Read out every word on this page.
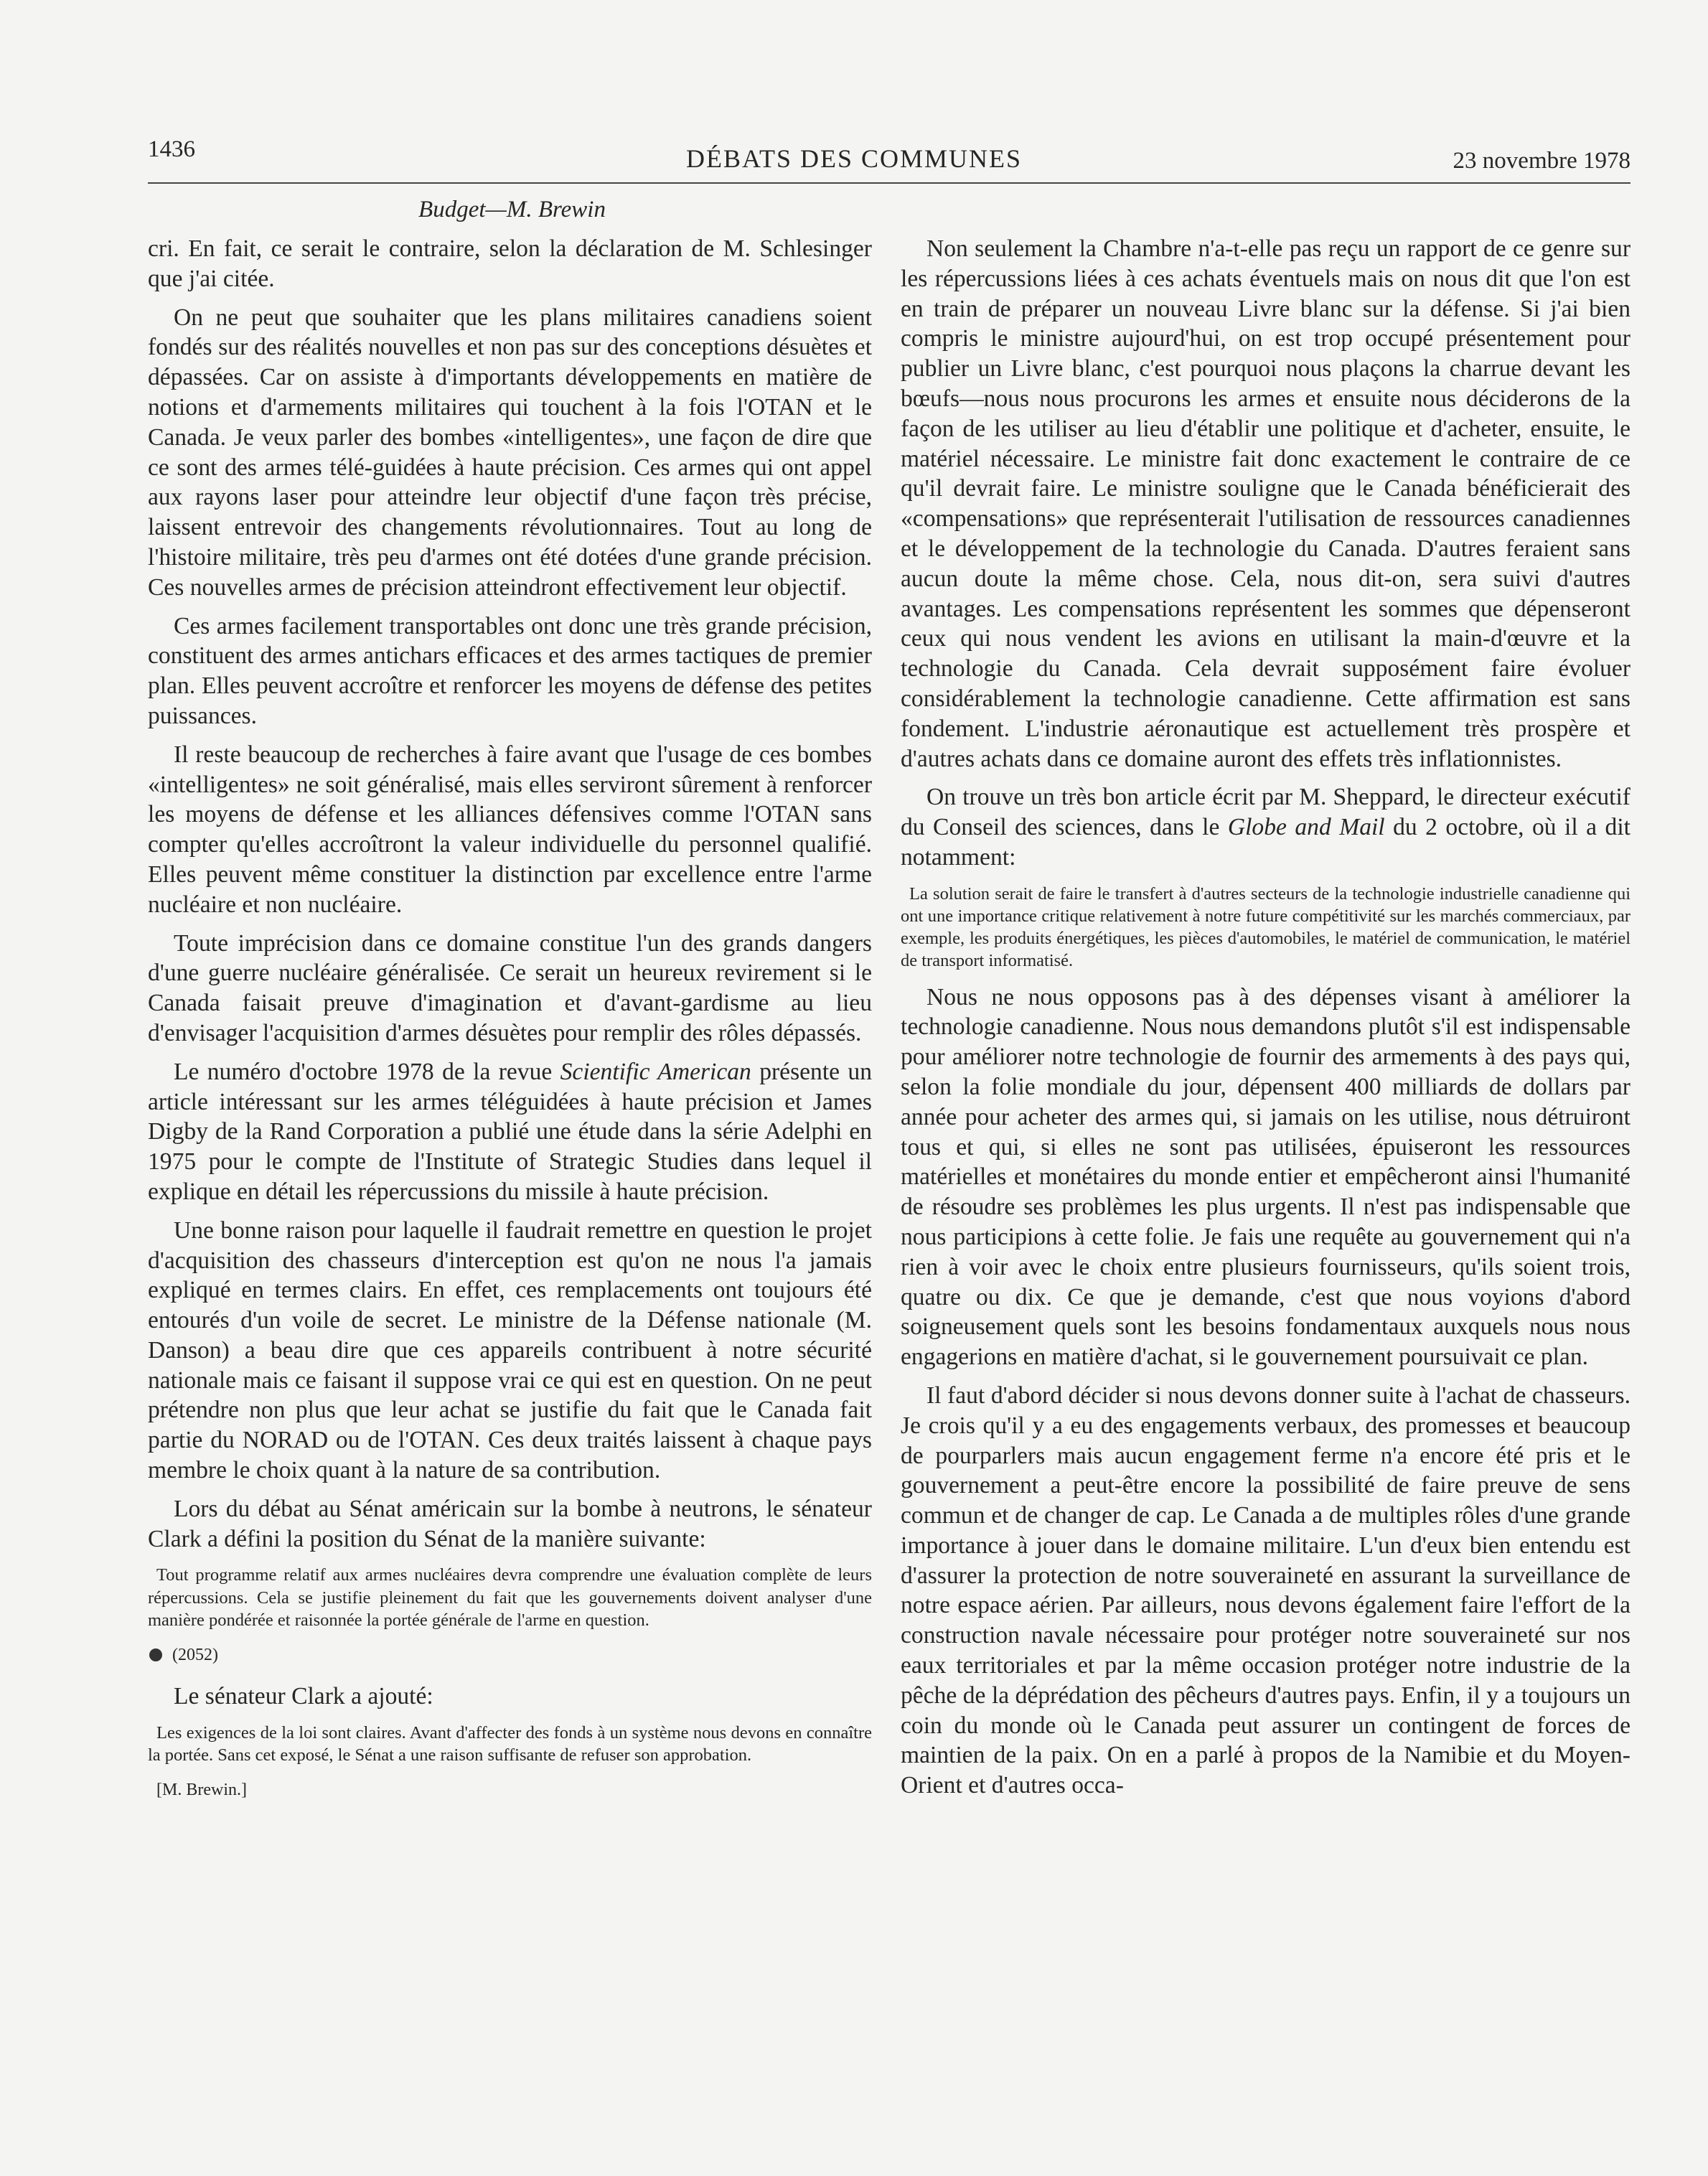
1436	DÉBATS DES COMMUNES	23 novembre 1978
Budget—M. Brewin

cri. En fait, ce serait le contraire, selon la déclaration de M. Schlesinger que j'ai citée.

On ne peut que souhaiter que les plans militaires canadiens soient fondés sur des réalités nouvelles et non pas sur des conceptions désuètes et dépassées. Car on assiste à d'importants développements en matière de notions et d'armements militaires qui touchent à la fois l'OTAN et le Canada. Je veux parler des bombes «intelligentes», une façon de dire que ce sont des armes télé-guidées à haute précision. Ces armes qui ont appel aux rayons laser pour atteindre leur objectif d'une façon très précise, laissent entrevoir des changements révolutionnaires. Tout au long de l'histoire militaire, très peu d'armes ont été dotées d'une grande précision. Ces nouvelles armes de précision atteindront effectivement leur objectif.

Ces armes facilement transportables ont donc une très grande précision, constituent des armes antichars efficaces et des armes tactiques de premier plan. Elles peuvent accroître et renforcer les moyens de défense des petites puissances.

Il reste beaucoup de recherches à faire avant que l'usage de ces bombes «intelligentes» ne soit généralisé, mais elles serviront sûrement à renforcer les moyens de défense et les alliances défensives comme l'OTAN sans compter qu'elles accroîtront la valeur individuelle du personnel qualifié. Elles peuvent même constituer la distinction par excellence entre l'arme nucléaire et non nucléaire.

Toute imprécision dans ce domaine constitue l'un des grands dangers d'une guerre nucléaire généralisée. Ce serait un heureux revirement si le Canada faisait preuve d'imagination et d'avant-gardisme au lieu d'envisager l'acquisition d'armes désuètes pour remplir des rôles dépassés.

Le numéro d'octobre 1978 de la revue Scientific American présente un article intéressant sur les armes téléguidées à haute précision et James Digby de la Rand Corporation a publié une étude dans la série Adelphi en 1975 pour le compte de l'Institute of Strategic Studies dans lequel il explique en détail les répercussions du missile à haute précision.

Une bonne raison pour laquelle il faudrait remettre en question le projet d'acquisition des chasseurs d'interception est qu'on ne nous l'a jamais expliqué en termes clairs. En effet, ces remplacements ont toujours été entourés d'un voile de secret. Le ministre de la Défense nationale (M. Danson) a beau dire que ces appareils contribuent à notre sécurité nationale mais ce faisant il suppose vrai ce qui est en question. On ne peut prétendre non plus que leur achat se justifie du fait que le Canada fait partie du NORAD ou de l'OTAN. Ces deux traités laissent à chaque pays membre le choix quant à la nature de sa contribution.

Lors du débat au Sénat américain sur la bombe à neutrons, le sénateur Clark a défini la position du Sénat de la manière suivante:

Tout programme relatif aux armes nucléaires devra comprendre une évaluation complète de leurs répercussions. Cela se justifie pleinement du fait que les gouvernements doivent analyser d'une manière pondérée et raisonnée la portée générale de l'arme en question.

(2052)

Le sénateur Clark a ajouté:

Les exigences de la loi sont claires. Avant d'affecter des fonds à un système nous devons en connaître la portée. Sans cet exposé, le Sénat a une raison suffisante de refuser son approbation.

[M. Brewin.]

Non seulement la Chambre n'a-t-elle pas reçu un rapport de ce genre sur les répercussions liées à ces achats éventuels mais on nous dit que l'on est en train de préparer un nouveau Livre blanc sur la défense. Si j'ai bien compris le ministre aujourd'hui, on est trop occupé présentement pour publier un Livre blanc, c'est pourquoi nous plaçons la charrue devant les bœufs—nous nous procurons les armes et ensuite nous déciderons de la façon de les utiliser au lieu d'établir une politique et d'acheter, ensuite, le matériel nécessaire. Le ministre fait donc exactement le contraire de ce qu'il devrait faire. Le ministre souligne que le Canada bénéficierait des «compensations» que représenterait l'utilisation de ressources canadiennes et le développement de la technologie du Canada. D'autres feraient sans aucun doute la même chose. Cela, nous dit-on, sera suivi d'autres avantages. Les compensations représentent les sommes que dépenseront ceux qui nous vendent les avions en utilisant la main-d'œuvre et la technologie du Canada. Cela devrait supposément faire évoluer considérablement la technologie canadienne. Cette affirmation est sans fondement. L'industrie aéronautique est actuellement très prospère et d'autres achats dans ce domaine auront des effets très inflationnistes.

On trouve un très bon article écrit par M. Sheppard, le directeur exécutif du Conseil des sciences, dans le Globe and Mail du 2 octobre, où il a dit notamment:

La solution serait de faire le transfert à d'autres secteurs de la technologie industrielle canadienne qui ont une importance critique relativement à notre future compétitivité sur les marchés commerciaux, par exemple, les produits énergétiques, les pièces d'automobiles, le matériel de communication, le matériel de transport informatisé.

Nous ne nous opposons pas à des dépenses visant à améliorer la technologie canadienne. Nous nous demandons plutôt s'il est indispensable pour améliorer notre technologie de fournir des armements à des pays qui, selon la folie mondiale du jour, dépensent 400 milliards de dollars par année pour acheter des armes qui, si jamais on les utilise, nous détruiront tous et qui, si elles ne sont pas utilisées, épuiseront les ressources matérielles et monétaires du monde entier et empêcheront ainsi l'humanité de résoudre ses problèmes les plus urgents. Il n'est pas indispensable que nous participions à cette folie. Je fais une requête au gouvernement qui n'a rien à voir avec le choix entre plusieurs fournisseurs, qu'ils soient trois, quatre ou dix. Ce que je demande, c'est que nous voyions d'abord soigneusement quels sont les besoins fondamentaux auxquels nous nous engagerions en matière d'achat, si le gouvernement poursuivait ce plan.

Il faut d'abord décider si nous devons donner suite à l'achat de chasseurs. Je crois qu'il y a eu des engagements verbaux, des promesses et beaucoup de pourparlers mais aucun engagement ferme n'a encore été pris et le gouvernement a peut-être encore la possibilité de faire preuve de sens commun et de changer de cap. Le Canada a de multiples rôles d'une grande importance à jouer dans le domaine militaire. L'un d'eux bien entendu est d'assurer la protection de notre souveraineté en assurant la surveillance de notre espace aérien. Par ailleurs, nous devons également faire l'effort de la construction navale nécessaire pour protéger notre souveraineté sur nos eaux territoriales et par la même occasion protéger notre industrie de la pêche de la déprédation des pêcheurs d'autres pays. Enfin, il y a toujours un coin du monde où le Canada peut assurer un contingent de forces de maintien de la paix. On en a parlé à propos de la Namibie et du Moyen-Orient et d'autres occa-
